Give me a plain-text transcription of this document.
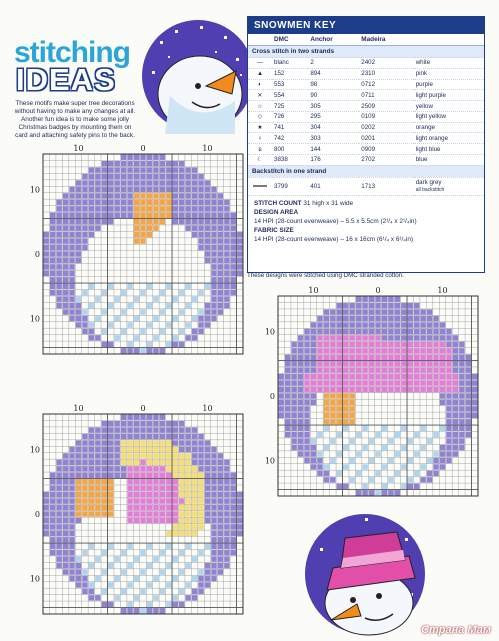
stitching
IDEAS
These motifs make super tree decorations without having to make any changes at all. Another fun idea is to make some jolly Christmas badges by mounting them on card and attaching safety pins to the back.
SNOWMEN KEY
	DMC	Anchor	Madeira	
Cross stitch in two strands				
—	blanc	2	2402	white
▲	152	894	2310	pink
◐	553	98	0712	purple
✕	554	90	0711	light purple
☆	725	305	2509	yellow
◇	726	295	0109	light yellow
★	741	304	0202	orange
♀	742	303	0201	light orange
ɕ	800	144	0909	light blue
☾	3838	176	2702	blue
Backstitch in one strand				
	3799	401	1713	dark grey
all backstitch
STITCH COUNT 31 high x 31 wide
DESIGN AREA
14 HPI (28-count evenweave) – 5.5 x 5.5cm (2¹/₄ x 2¹/₄in)
FABRIC SIZE
14 HPI (28-count evenweave) – 16 x 16cm (6¹/₄ x 6¹/₄in)
These designs were stitched using DMC stranded cotton.
10	0	10
10
0
10
10	0	10
10
0
10
10	0	10
10
0
10
Страна Мам
